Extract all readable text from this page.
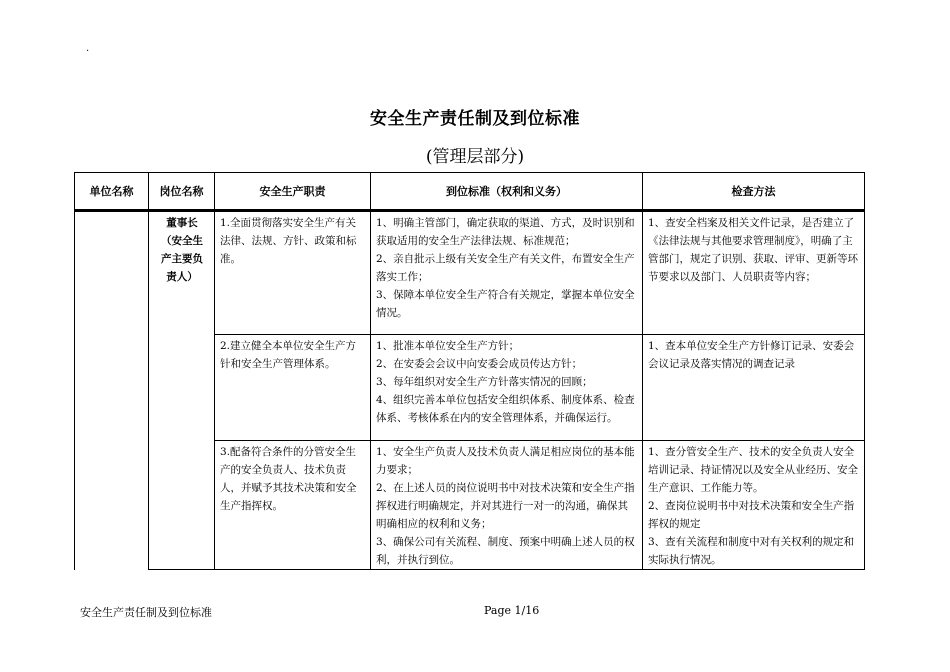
.
安全生产责任制及到位标准
(管理层部分)
单位名称	岗位名称	安全生产职责	到位标准（权利和义务）	检查方法

	董事长
（安全生
产主要负
责人）	1.全面贯彻落实安全生产有关法律、法规、方针、政策和标准。	1、明确主管部门，确定获取的渠道、方式，及时识别和获取适用的安全生产法律法规、标准规范；
2、亲自批示上级有关安全生产有关文件，布置安全生产落实工作；
3、保障本单位安全生产符合有关规定，掌握本单位安全情况。	1、查安全档案及相关文件记录，是否建立了《法律法规与其他要求管理制度》，明确了主管部门，规定了识别、获取、评审、更新等环节要求以及部门、人员职责等内容；

		2.建立健全本单位安全生产方针和安全生产管理体系。	1、批准本单位安全生产方针；
2、在安委会会议中向安委会成员传达方针；
3、每年组织对安全生产方针落实情况的回顾；
4、组织完善本单位包括安全组织体系、制度体系、检查体系、考核体系在内的安全管理体系，并确保运行。	1、查本单位安全生产方针修订记录、安委会会议记录及落实情况的调查记录

		3.配备符合条件的分管安全生产的安全负责人、技术负责人，并赋予其技术决策和安全生产指挥权。	1、安全生产负责人及技术负责人满足相应岗位的基本能力要求；
2、在上述人员的岗位说明书中对技术决策和安全生产指挥权进行明确规定，并对其进行一对一的沟通，确保其明确相应的权利和义务；
3、确保公司有关流程、制度、预案中明确上述人员的权利，并执行到位。	1、查分管安全生产、技术的安全负责人安全培训记录、持证情况以及安全从业经历、安全生产意识、工作能力等。
2、查岗位说明书中对技术决策和安全生产指挥权的规定
3、查有关流程和制度中对有关权利的规定和实际执行情况。
安全生产责任制及到位标准	Page 1/16
